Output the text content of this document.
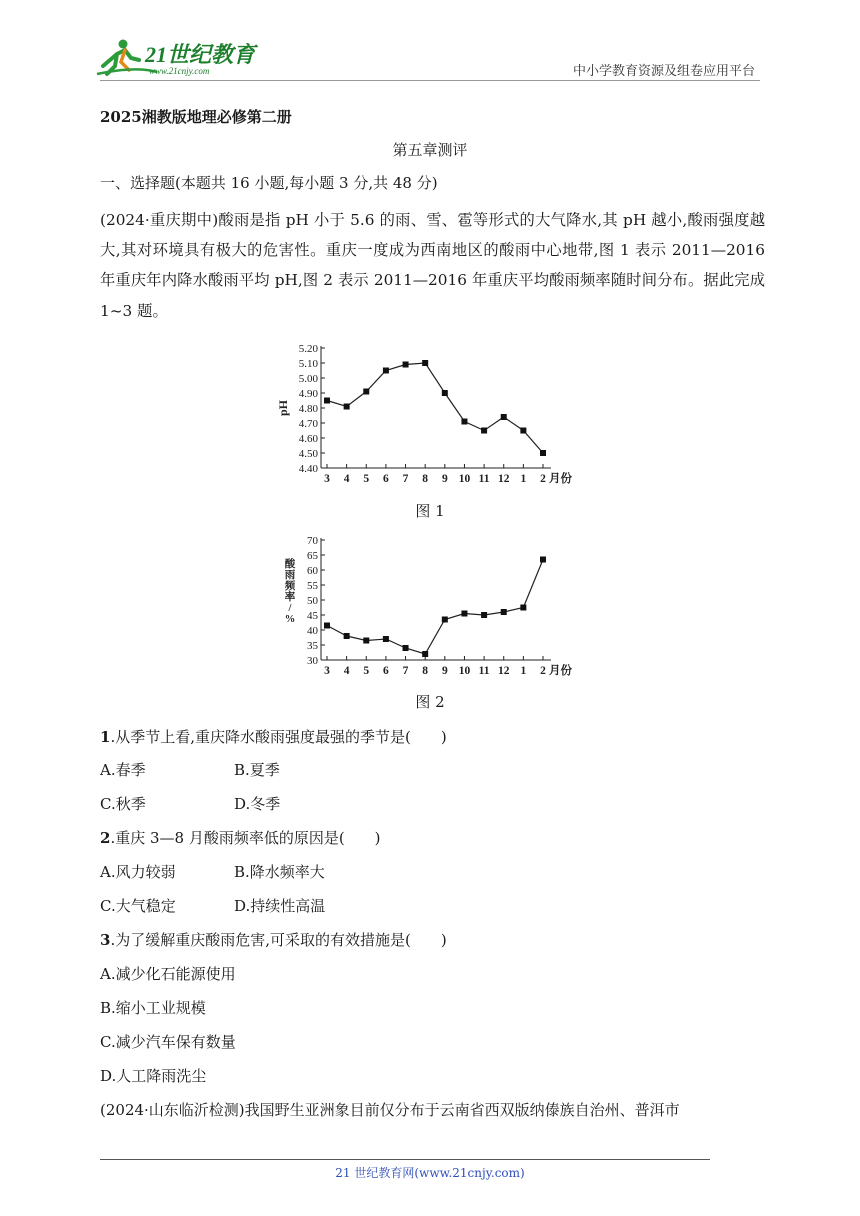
21世纪教育
www.21cnjy.com	中小学教育资源及组卷应用平台
2025湘教版地理必修第二册
第五章测评
一、选择题(本题共 16 小题,每小题 3 分,共 48 分)
(2024·重庆期中)酸雨是指 pH 小于 5.6 的雨、雪、雹等形式的大气降水,其 pH 越小,酸雨强度越大,其对环境具有极大的危害性。重庆一度成为西南地区的酸雨中心地带,图 1 表示 2011—2016 年重庆年内降水酸雨平均 pH,图 2 表示 2011—2016 年重庆平均酸雨频率随时间分布。据此完成 1~3 题。
4.40
4.50
4.60
4.70
4.80
4.90
5.00
5.10
5.20
3 4 5 6 7 8 9 10 11 12 1 2 月份
pH
图 1
30
35
40
45
50
55
60
65
70
3 4 5 6 7 8 9 10 11 12 1 2 月份
酸
雨
频
率
/
%
图 2
1.从季节上看,重庆降水酸雨强度最强的季节是(　　)
A.春季	B.夏季
C.秋季	D.冬季
2.重庆 3—8 月酸雨频率低的原因是(　　)
A.风力较弱	B.降水频率大
C.大气稳定	D.持续性高温
3.为了缓解重庆酸雨危害,可采取的有效措施是(　　)
A.减少化石能源使用
B.缩小工业规模
C.减少汽车保有数量
D.人工降雨洗尘
(2024·山东临沂检测)我国野生亚洲象目前仅分布于云南省西双版纳傣族自治州、普洱市
21 世纪教育网(www.21cnjy.com)
